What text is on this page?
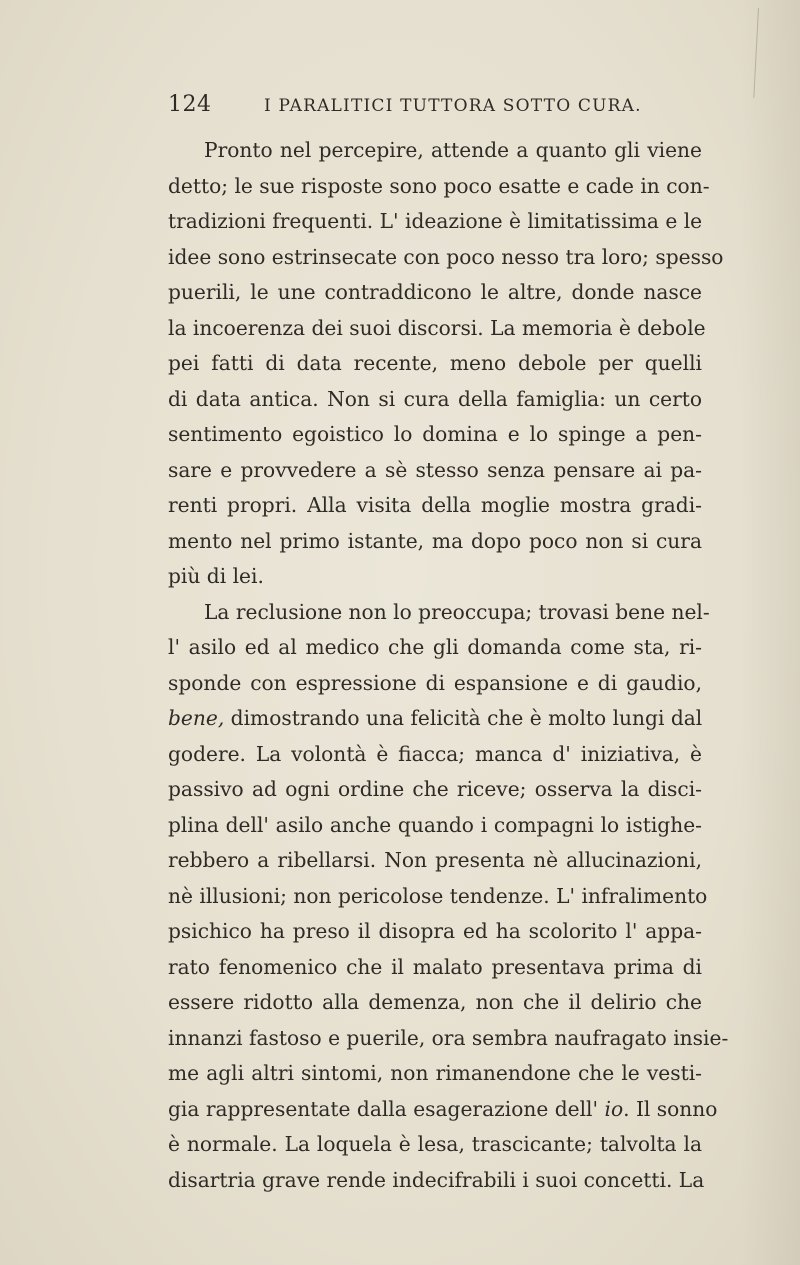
124	I PARALITICI TUTTORA SOTTO CURA.
Pronto nel percepire, attende a quanto gli viene
detto; le sue risposte sono poco esatte e cade in con-
tradizioni frequenti. L' ideazione è limitatissima e le
idee sono estrinsecate con poco nesso tra loro; spesso
puerili, le une contraddicono le altre, donde nasce
la incoerenza dei suoi discorsi. La memoria è debole
pei fatti di data recente, meno debole per quelli
di data antica. Non si cura della famiglia: un certo
sentimento egoistico lo domina e lo spinge a pen-
sare e provvedere a sè stesso senza pensare ai pa-
renti propri. Alla visita della moglie mostra gradi-
mento nel primo istante, ma dopo poco non si cura
più di lei.
La reclusione non lo preoccupa; trovasi bene nel-
l' asilo ed al medico che gli domanda come sta, ri-
sponde con espressione di espansione e di gaudio,
bene, dimostrando una felicità che è molto lungi dal
godere. La volontà è fiacca; manca d' iniziativa, è
passivo ad ogni ordine che riceve; osserva la disci-
plina dell' asilo anche quando i compagni lo istighe-
rebbero a ribellarsi. Non presenta nè allucinazioni,
nè illusioni; non pericolose tendenze. L' infralimento
psichico ha preso il disopra ed ha scolorito l' appa-
rato fenomenico che il malato presentava prima di
essere ridotto alla demenza, non che il delirio che
innanzi fastoso e puerile, ora sembra naufragato insie-
me agli altri sintomi, non rimanendone che le vesti-
gia rappresentate dalla esagerazione dell' io. Il sonno
è normale. La loquela è lesa, trascicante; talvolta la
disartria grave rende indecifrabili i suoi concetti. La
